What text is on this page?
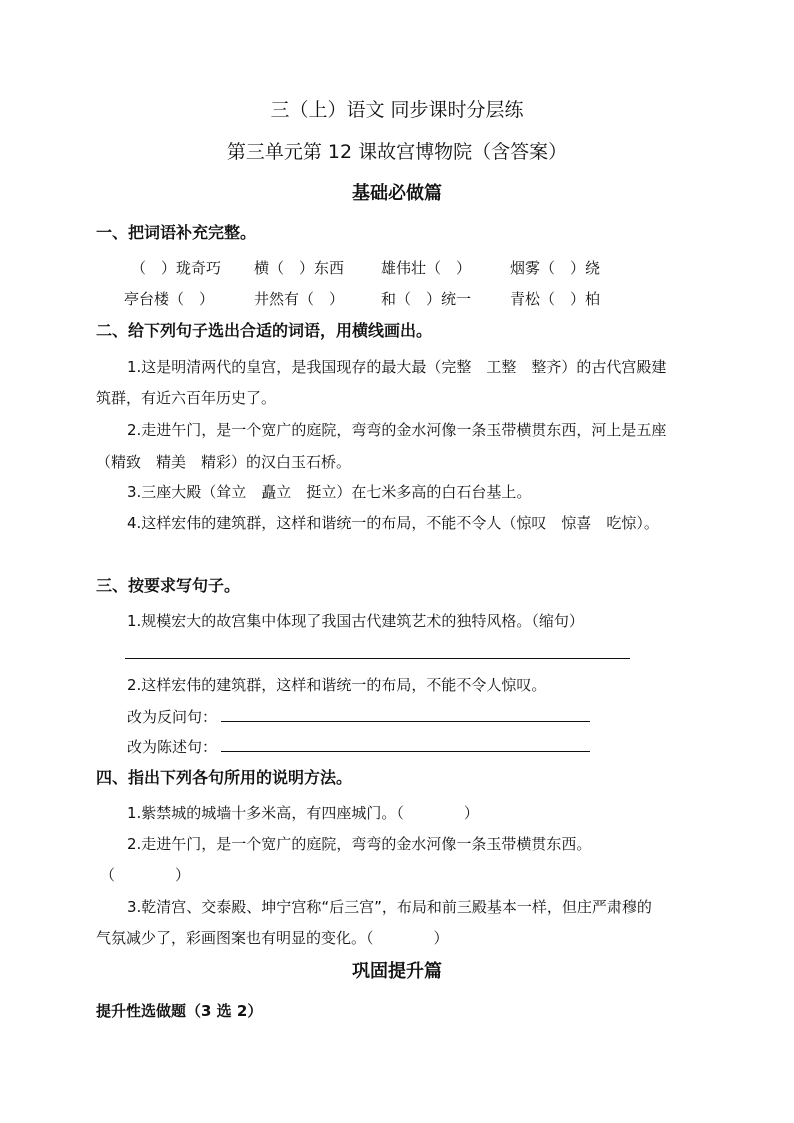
三（上）语文 同步课时分层练
第三单元第 12 课故宫博物院（含答案）
基础必做篇
一、把词语补充完整。
（　）珑奇巧 横（　）东西 雄伟壮（　）	烟雾（　）绕
亭台楼（　）	井然有（　） 和（　）统一	青松（　）柏
二、给下列句子选出合适的词语，用横线画出。
1.这是明清两代的皇宫，是我国现存的最大最（完整　工整　整齐）的古代宫殿建
筑群，有近六百年历史了。
2.走进午门，是一个宽广的庭院，弯弯的金水河像一条玉带横贯东西，河上是五座
（精致　精美　精彩）的汉白玉石桥。
3.三座大殿（耸立　矗立　挺立）在七米多高的白石台基上。
4.这样宏伟的建筑群，这样和谐统一的布局，不能不令人（惊叹　惊喜　吃惊）。
三、按要求写句子。
1.规模宏大的故宫集中体现了我国古代建筑艺术的独特风格。（缩句）
2.这样宏伟的建筑群，这样和谐统一的布局，不能不令人惊叹。
改为反问句：
改为陈述句：
四、指出下列各句所用的说明方法。
1.紫禁城的城墙十多米高，有四座城门。（　　　　）
2.走进午门，是一个宽广的庭院，弯弯的金水河像一条玉带横贯东西。
（　　　　）
3.乾清宫、交泰殿、坤宁宫称“后三宫”，布局和前三殿基本一样，但庄严肃穆的
气氛减少了，彩画图案也有明显的变化。（　　　　）
巩固提升篇
提升性选做题（3 选 2）
